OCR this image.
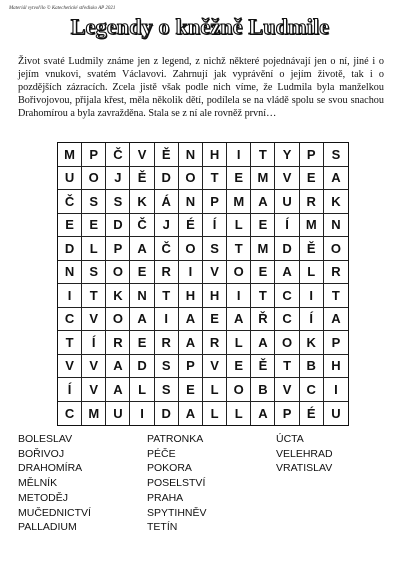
Materiál vytvořilo © Katechetické středisko AP 2021
Legendy o kněžně Ludmile
Život svaté Ludmily známe jen z legend, z nichž některé pojednávají jen o ní, jiné i o jejím vnukovi, svatém Václavovi. Zahrnují jak vyprávění o jejím životě, tak i o pozdějších zázracích. Zcela jistě však podle nich víme, že Ludmila byla manželkou Bořivojovou, přijala křest, měla několik dětí, podílela se na vládě spolu se svou snachou Drahomírou a byla zavražděna. Stala se z ní ale rovněž první…
M	P	Č	V	Ě	N	H	I	T	Y	P	S
U	O	J	Ě	D	O	T	E	M	V	E	A
Č	S	S	K	Á	N	P	M	A	U	R	K
E	E	D	Č	J	É	Í	L	E	Í	M	N
D	L	P	A	Č	O	S	T	M	D	Ě	O
N	S	O	E	R	I	V	O	E	A	L	R
I	T	K	N	T	H	H	I	T	C	I	T
C	V	O	A	I	A	E	A	Ř	C	Í	A
T	Í	R	E	R	A	R	L	A	O	K	P
V	V	A	D	S	P	V	E	Ě	T	B	H
Í	V	A	L	S	E	L	O	B	V	C	I
C	M	U	I	D	A	L	L	A	P	É	U
BOLESLAV
BOŘIVOJ
DRAHOMÍRA
MĚLNÍK
METODĚJ
MUČEDNICTVÍ
PALLADIUM
PATRONKA
PÉČE
POKORA
POSELSTVÍ
PRAHA
SPYTIHNĚV
TETÍN
ÚCTA
VELEHRAD
VRATISLAV
